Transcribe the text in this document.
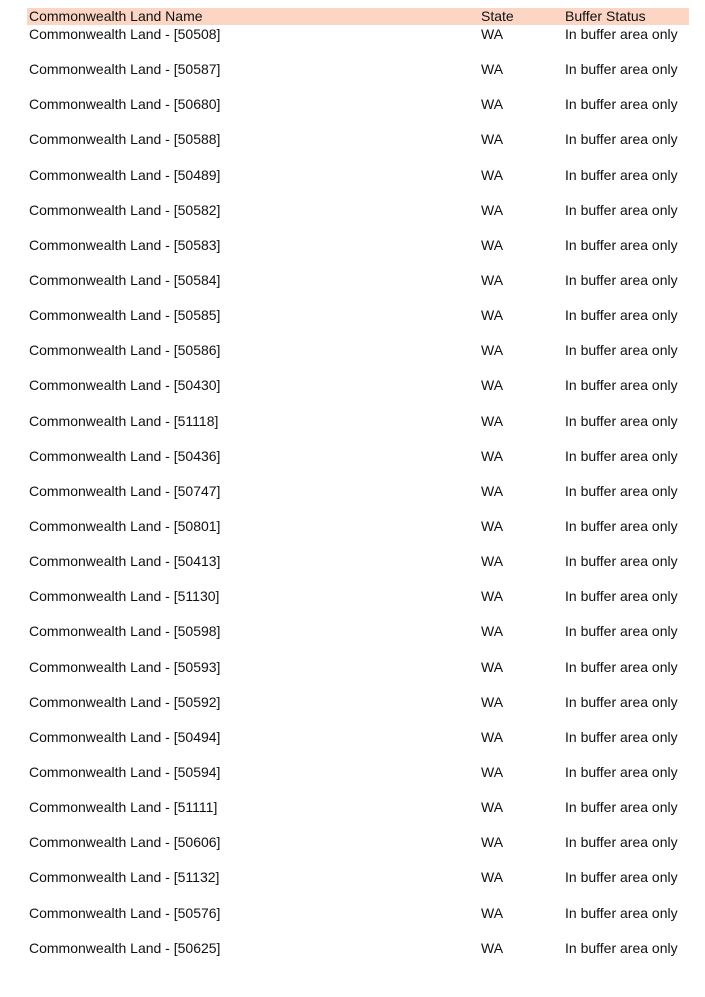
Commonwealth Land Name	State	Buffer Status
Commonwealth Land - [50508]	WA	In buffer area only
Commonwealth Land - [50587]	WA	In buffer area only
Commonwealth Land - [50680]	WA	In buffer area only
Commonwealth Land - [50588]	WA	In buffer area only
Commonwealth Land - [50489]	WA	In buffer area only
Commonwealth Land - [50582]	WA	In buffer area only
Commonwealth Land - [50583]	WA	In buffer area only
Commonwealth Land - [50584]	WA	In buffer area only
Commonwealth Land - [50585]	WA	In buffer area only
Commonwealth Land - [50586]	WA	In buffer area only
Commonwealth Land - [50430]	WA	In buffer area only
Commonwealth Land - [51118]	WA	In buffer area only
Commonwealth Land - [50436]	WA	In buffer area only
Commonwealth Land - [50747]	WA	In buffer area only
Commonwealth Land - [50801]	WA	In buffer area only
Commonwealth Land - [50413]	WA	In buffer area only
Commonwealth Land - [51130]	WA	In buffer area only
Commonwealth Land - [50598]	WA	In buffer area only
Commonwealth Land - [50593]	WA	In buffer area only
Commonwealth Land - [50592]	WA	In buffer area only
Commonwealth Land - [50494]	WA	In buffer area only
Commonwealth Land - [50594]	WA	In buffer area only
Commonwealth Land - [51111]	WA	In buffer area only
Commonwealth Land - [50606]	WA	In buffer area only
Commonwealth Land - [51132]	WA	In buffer area only
Commonwealth Land - [50576]	WA	In buffer area only
Commonwealth Land - [50625]	WA	In buffer area only
